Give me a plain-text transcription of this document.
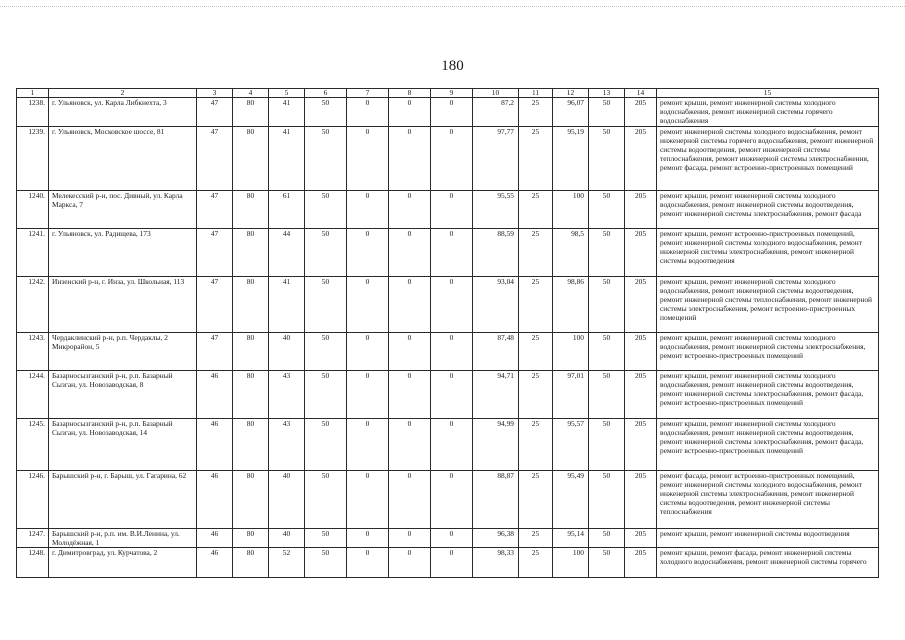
180
1	2	3	4	5	6	7	8	9	10	11	12	13	14	15
1238.	г. Ульяновск, ул. Карла Либкнехта, 3	47	80	41	50	0	0	0	87,2	25	96,07	50	205	ремонт крыши, ремонт инженерной системы холодного водоснабжения, ремонт инженерной системы горячего водоснабжения
1239.	г. Ульяновск, Московское шоссе, 81	47	80	41	50	0	0	0	97,77	25	95,19	50	205	ремонт инженерной системы холодного водоснабжения, ремонт инженерной системы горячего водоснабжения, ремонт инженерной системы водоотведения, ремонт инженерной системы теплоснабжения, ремонт инженерной системы электроснабжения, ремонт фасада, ремонт встроенно-пристроенных помещений
1240.	Мелекесский р-н, пос. Дивный, ул. Карла Маркса, 7	47	80	61	50	0	0	0	95,55	25	100	50	205	ремонт крыши, ремонт инженерной системы холодного водоснабжения, ремонт инженерной системы водоотведения, ремонт инженерной системы электроснабжения, ремонт фасада
1241.	г. Ульяновск, ул. Радищева, 173	47	80	44	50	0	0	0	88,59	25	98,5	50	205	ремонт крыши, ремонт встроенно-пристроенных помещений, ремонт инженерной системы холодного водоснабжения, ремонт инженерной системы электроснабжения, ремонт инженерной системы водоотведения
1242.	Инзенский р-н, г. Инза, ул. Школьная, 113	47	80	41	50	0	0	0	93,04	25	98,86	50	205	ремонт крыши, ремонт инженерной системы холодного водоснабжения, ремонт инженерной системы водоотведения, ремонт инженерной системы теплоснабжения, ремонт инженерной системы электроснабжения, ремонт встроенно-пристроенных помещений
1243.	Чердаклинский р-н, р.п. Чердаклы, 2 Микрорайон, 5	47	80	40	50	0	0	0	87,48	25	100	50	205	ремонт крыши, ремонт инженерной системы холодного водоснабжения, ремонт инженерной системы электроснабжения, ремонт встроенно-пристроенных помещений
1244.	Базарносызганский р-н, р.п. Базарный Сызган, ул. Новозаводская, 8	46	80	43	50	0	0	0	94,71	25	97,01	50	205	ремонт крыши, ремонт инженерной системы холодного водоснабжения, ремонт инженерной системы водоотведения, ремонт инженерной системы электроснабжения, ремонт фасада, ремонт встроенно-пристроенных помещений
1245.	Базарносызганский р-н, р.п. Базарный Сызган, ул. Новозаводская, 14	46	80	43	50	0	0	0	94,99	25	95,57	50	205	ремонт крыши, ремонт инженерной системы холодного водоснабжения, ремонт инженерной системы водоотведения, ремонт инженерной системы электроснабжения, ремонт фасада, ремонт встроенно-пристроенных помещений
1246.	Барышский р-н, г. Барыш, ул. Гагарина, 62	46	80	40	50	0	0	0	88,87	25	95,49	50	205	ремонт фасада, ремонт встроенно-пристроенных помещений, ремонт инженерной системы холодного водоснабжения, ремонт инженерной системы электроснабжения, ремонт инженерной системы водоотведения, ремонт инженерной системы теплоснабжения
1247.	Барышский р-н, р.п. им. В.И.Ленина, ул. Молодёжная, 1	46	80	40	50	0	0	0	96,38	25	95,14	50	205	ремонт крыши, ремонт инженерной системы водоотведения
1248.	г. Димитровград, ул. Курчатова, 2	46	80	52	50	0	0	0	98,33	25	100	50	205	ремонт крыши, ремонт фасада, ремонт инженерной системы холодного водоснабжения, ремонт инженерной системы горячего
